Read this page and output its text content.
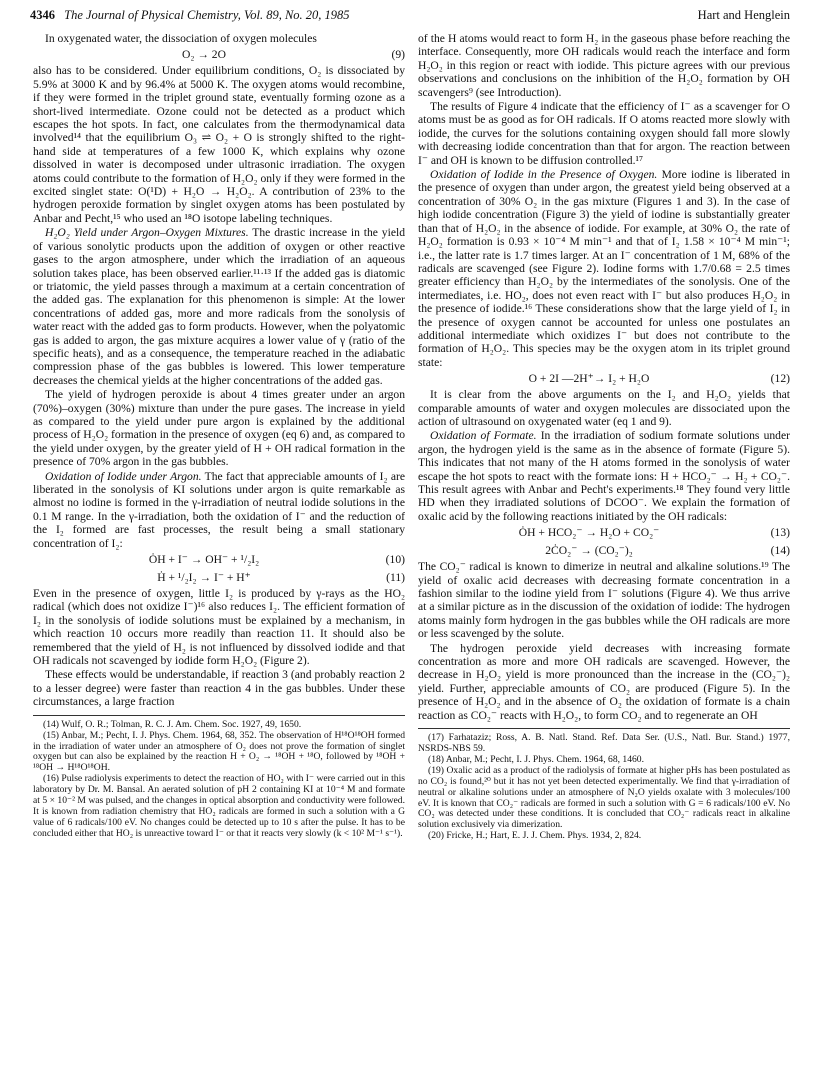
4346 The Journal of Physical Chemistry, Vol. 89, No. 20, 1985	Hart and Henglein

In oxygenated water, the dissociation of oxygen molecules

O₂ → 2O	(9)

also has to be considered. Under equilibrium conditions, O₂ is dissociated by 5.9% at 3000 K and by 96.4% at 5000 K. The oxygen atoms would recombine, if they were formed in the triplet ground state, eventually forming ozone as a short-lived intermediate. Ozone could not be detected as a product which escapes the hot spots. In fact, one calculates from the thermodynamical data involved¹⁴ that the equilibrium O₃ ⇌ O₂ + O is strongly shifted to the right-hand side at temperatures of a few 1000 K, which explains why ozone dissolved in water is decomposed under ultrasonic irradiation. The oxygen atoms could contribute to the formation of H₂O₂ only if they were formed in the excited singlet state: O(¹D) + H₂O → H₂O₂. A contribution of 23% to the hydrogen peroxide formation by singlet oxygen atoms has been postulated by Anbar and Pecht,¹⁵ who used an ¹⁸O isotope labeling techniques.

H₂O₂ Yield under Argon–Oxygen Mixtures. The drastic increase in the yield of various sonolytic products upon the addition of oxygen or other reactive gases to the argon atmosphere, under which the irradiation of an aqueous solution takes place, has been observed earlier.¹¹·¹³ If the added gas is diatomic or triatomic, the yield passes through a maximum at a certain concentration of the added gas. The explanation for this phenomenon is simple: At the lower concentrations of added gas, more and more radicals from the sonolysis of water react with the added gas to form products. However, when the polyatomic gas is added to argon, the gas mixture acquires a lower value of γ (ratio of the specific heats), and as a consequence, the temperature reached in the adiabatic compression phase of the gas bubbles is lowered. This lower temperature decreases the chemical yields at the higher concentrations of the added gas.

The yield of hydrogen peroxide is about 4 times greater under an argon (70%)–oxygen (30%) mixture than under the pure gases. The increase in yield as compared to the yield under pure argon is explained by the additional process of H₂O₂ formation in the presence of oxygen (eq 6) and, as compared to the yield under oxygen, by the greater yield of H + OH radical formation in the presence of 70% argon in the gas bubbles.

Oxidation of Iodide under Argon. The fact that appreciable amounts of I₂ are liberated in the sonolysis of KI solutions under argon is quite remarkable as almost no iodine is formed in the γ-irradiation of neutral iodide solutions in the 0.1 M range. In the γ-irradiation, both the oxidation of I⁻ and the reduction of the I₂ formed are fast processes, the result being a small stationary concentration of I₂:

ȮH + I⁻ → OH⁻ + ¹/₂I₂	(10)
Ḣ + ¹/₂I₂ → I⁻ + H⁺	(11)

Even in the presence of oxygen, little I₂ is produced by γ-rays as the HO₂ radical (which does not oxidize I⁻)¹⁶ also reduces I₂. The efficient formation of I₂ in the sonolysis of iodide solutions must be explained by a mechanism, in which reaction 10 occurs more readily than reaction 11. It should also be remembered that the yield of H₂ is not influenced by dissolved iodide and that OH radicals not scavenged by iodide form H₂O₂ (Figure 2).

These effects would be understandable, if reaction 3 (and probably reaction 2 to a lesser degree) were faster than reaction 4 in the gas bubbles. Under these circumstances, a large fraction

(14) Wulf, O. R.; Tolman, R. C. J. Am. Chem. Soc. 1927, 49, 1650.

(15) Anbar, M.; Pecht, I. J. Phys. Chem. 1964, 68, 352. The observation of H¹⁸O¹⁸OH formed in the irradiation of water under an atmosphere of O₂ does not prove the formation of singlet oxygen but can also be explained by the reaction H + O₂ → ¹⁸OH + ¹⁸O, followed by ¹⁸OH + ¹⁸OH → H¹⁸O¹⁸OH.

(16) Pulse radiolysis experiments to detect the reaction of HO₂ with I⁻ were carried out in this laboratory by Dr. M. Bansal. An aerated solution of pH 2 containing KI at 10⁻⁴ M and formate at 5 × 10⁻² M was pulsed, and the changes in optical absorption and conductivity were followed. It is known from radiation chemistry that HO₂ radicals are formed in such a solution with a G value of 6 radicals/100 eV. No changes could be detected up to 10 s after the pulse. It has to be concluded either that HO₂ is unreactive toward I⁻ or that it reacts very slowly (k < 10² M⁻¹ s⁻¹).

of the H atoms would react to form H₂ in the gaseous phase before reaching the interface. Consequently, more OH radicals would reach the interface and form H₂O₂ in this region or react with iodide. This picture agrees with our previous observations and conclusions on the inhibition of the H₂O₂ formation by OH scavengers⁹ (see Introduction).

The results of Figure 4 indicate that the efficiency of I⁻ as a scavenger for O atoms must be as good as for OH radicals. If O atoms reacted more slowly with iodide, the curves for the solutions containing oxygen should fall more slowly with decreasing iodide concentration than that for argon. The reaction between I⁻ and OH is known to be diffusion controlled.¹⁷

Oxidation of Iodide in the Presence of Oxygen. More iodine is liberated in the presence of oxygen than under argon, the greatest yield being observed at a concentration of 30% O₂ in the gas mixture (Figures 1 and 3). In the case of high iodide concentration (Figure 3) the yield of iodine is substantially greater than that of H₂O₂ in the absence of iodide. For example, at 30% O₂ the rate of H₂O₂ formation is 0.93 × 10⁻⁴ M min⁻¹ and that of I₂ 1.58 × 10⁻⁴ M min⁻¹; i.e., the latter rate is 1.7 times larger. At an I⁻ concentration of 1 M, 68% of the radicals are scavenged (see Figure 2). Iodine forms with 1.7/0.68 = 2.5 times greater efficiency than H₂O₂ by the intermediates of the sonolysis. One of the intermediates, i.e. HO₂, does not even react with I⁻ but also produces H₂O₂ in the presence of iodide.¹⁶ These considerations show that the large yield of I₂ in the presence of oxygen cannot be accounted for unless one postulates an additional intermediate which oxidizes I⁻ but does not contribute to the formation of H₂O₂. This species may be the oxygen atom in its triplet ground state:

O + 2I —2H⁺→ I₂ + H₂O	(12)

It is clear from the above arguments on the I₂ and H₂O₂ yields that comparable amounts of water and oxygen molecules are dissociated upon the action of ultrasound on oxygenated water (eq 1 and 9).

Oxidation of Formate. In the irradiation of sodium formate solutions under argon, the hydrogen yield is the same as in the absence of formate (Figure 5). This indicates that not many of the H atoms formed in the sonolysis of water escape the hot spots to react with the formate ions: H + HCO₂⁻ → H₂ + CO₂⁻. This result agrees with Anbar and Pecht's experiments.¹⁸ They found very little HD when they irradiated solutions of DCOO⁻. We explain the formation of oxalic acid by the following reactions initiated by the OH radicals:

ȮH + HCO₂⁻ → H₂O + CO₂⁻	(13)
2ĊO₂⁻ → (CO₂⁻)₂	(14)

The CO₂⁻ radical is known to dimerize in neutral and alkaline solutions.¹⁹ The yield of oxalic acid decreases with decreasing formate concentration in a fashion similar to the iodine yield from I⁻ solutions (Figure 4). We thus arrive at a similar picture as in the discussion of the oxidation of iodide: The hydrogen atoms mainly form hydrogen in the gas bubbles while the OH radicals are more or less scavenged by the solute.

The hydrogen peroxide yield decreases with increasing formate concentration as more and more OH radicals are scavenged. However, the decrease in H₂O₂ yield is more pronounced than the increase in the (CO₂⁻)₂ yield. Further, appreciable amounts of CO₂ are produced (Figure 5). In the presence of H₂O₂ and in the absence of O₂ the oxidation of formate is a chain reaction as CO₂⁻ reacts with H₂O₂, to form CO₂ and to regenerate an OH

(17) Farhataziz; Ross, A. B. Natl. Stand. Ref. Data Ser. (U.S., Natl. Bur. Stand.) 1977, NSRDS-NBS 59.

(18) Anbar, M.; Pecht, I. J. Phys. Chem. 1964, 68, 1460.

(19) Oxalic acid as a product of the radiolysis of formate at higher pHs has been postulated as no CO₂ is found,²⁰ but it has not yet been detected experimentally. We find that γ-irradiation of neutral or alkaline solutions under an atmosphere of N₂O yields oxalate with 3 molecules/100 eV. It is known that CO₂⁻ radicals are formed in such a solution with G = 6 radicals/100 eV. No CO₂ was detected under these conditions. It is concluded that CO₂⁻ radicals react in alkaline solution exclusively via dimerization.

(20) Fricke, H.; Hart, E. J. J. Chem. Phys. 1934, 2, 824.
